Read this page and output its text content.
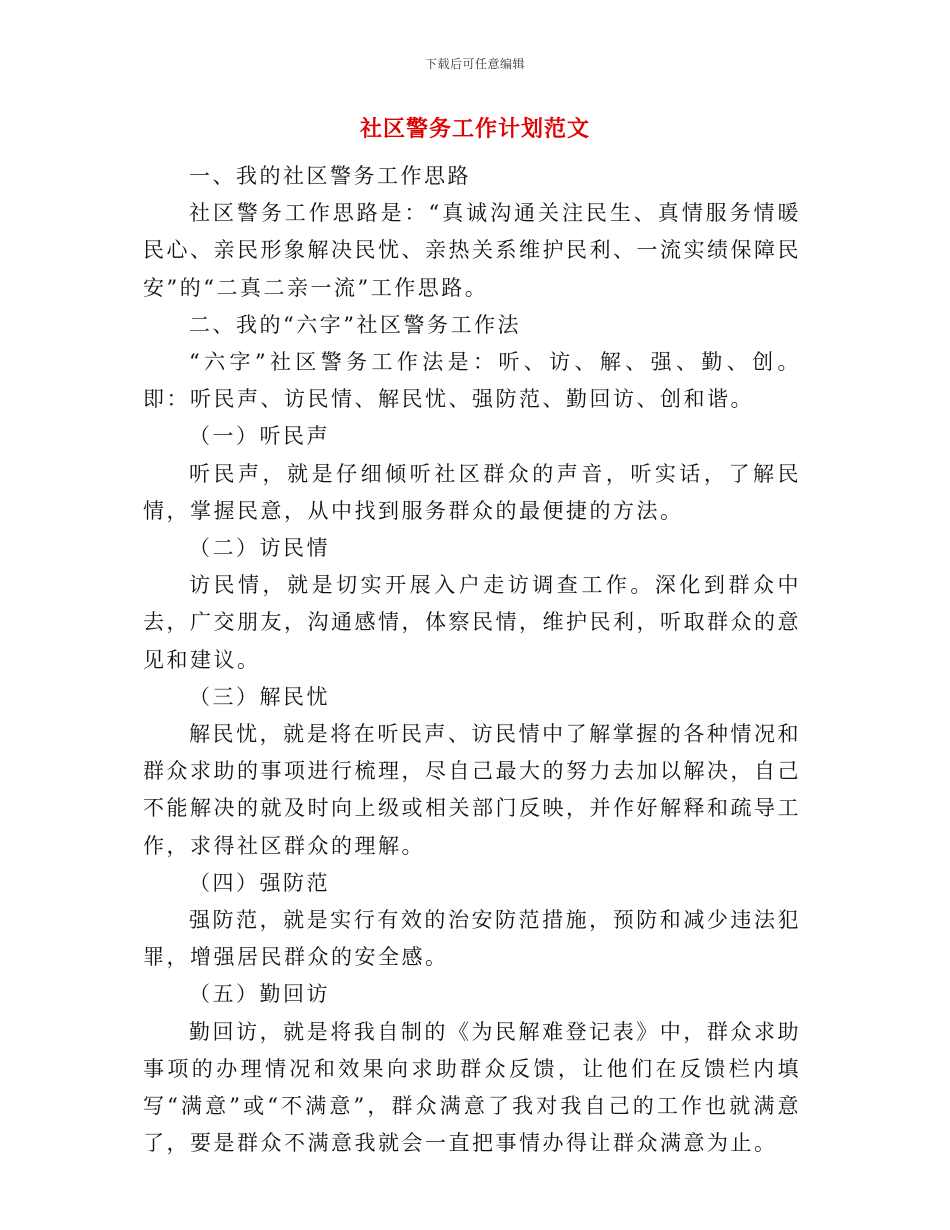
下载后可任意编辑
社区警务工作计划范文

一、我的社区警务工作思路

社区警务工作思路是：“真诚沟通关注民生、真情服务情暖民心、亲民形象解决民忧、亲热关系维护民利、一流实绩保障民安”的“二真二亲一流”工作思路。

二、我的“六字”社区警务工作法

“六字”社区警务工作法是：听、访、解、强、勤、创。即：听民声、访民情、解民忧、强防范、勤回访、创和谐。

（一）听民声

听民声，就是仔细倾听社区群众的声音，听实话，了解民情，掌握民意，从中找到服务群众的最便捷的方法。

（二）访民情

访民情，就是切实开展入户走访调查工作。深化到群众中去，广交朋友，沟通感情，体察民情，维护民利，听取群众的意见和建议。

（三）解民忧

解民忧，就是将在听民声、访民情中了解掌握的各种情况和群众求助的事项进行梳理，尽自己最大的努力去加以解决，自己不能解决的就及时向上级或相关部门反映，并作好解释和疏导工作，求得社区群众的理解。

（四）强防范

强防范，就是实行有效的治安防范措施，预防和减少违法犯罪，增强居民群众的安全感。

（五）勤回访

勤回访，就是将我自制的《为民解难登记表》中，群众求助事项的办理情况和效果向求助群众反馈，让他们在反馈栏内填写“满意”或“不满意”，群众满意了我对我自己的工作也就满意了，要是群众不满意我就会一直把事情办得让群众满意为止。
